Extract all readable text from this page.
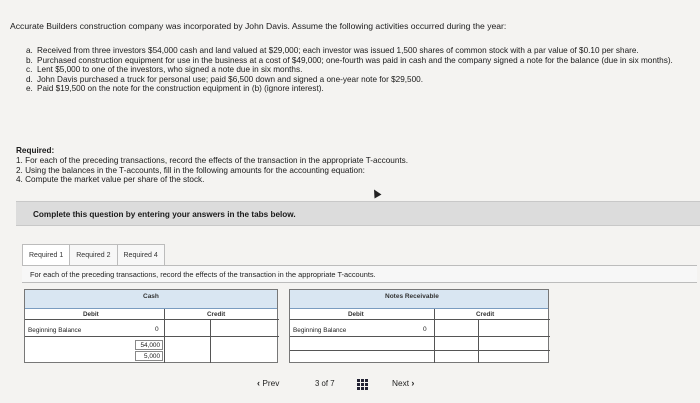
Accurate Builders construction company was incorporated by John Davis. Assume the following activities occurred during the year:
a. Received from three investors $54,000 cash and land valued at $29,000; each investor was issued 1,500 shares of common stock with a par value of $0.10 per share.
b. Purchased construction equipment for use in the business at a cost of $49,000; one-fourth was paid in cash and the company signed a note for the balance (due in six months).
c. Lent $5,000 to one of the investors, who signed a note due in six months.
d. John Davis purchased a truck for personal use; paid $6,500 down and signed a one-year note for $29,500.
e. Paid $19,500 on the note for the construction equipment in (b) (ignore interest).
Required:
1. For each of the preceding transactions, record the effects of the transaction in the appropriate T-accounts.
2. Using the balances in the T-accounts, fill in the following amounts for the accounting equation:
4. Compute the market value per share of the stock.
Complete this question by entering your answers in the tabs below.
Required 1	Required 2	Required 4
For each of the preceding transactions, record the effects of the transaction in the appropriate T-accounts.
Cash
Debit	Credit
Beginning Balance	0
54,000
5,000
Notes Receivable
Debit	Credit
Beginning Balance	0
‹ Prev	3 of 7	Next ›
